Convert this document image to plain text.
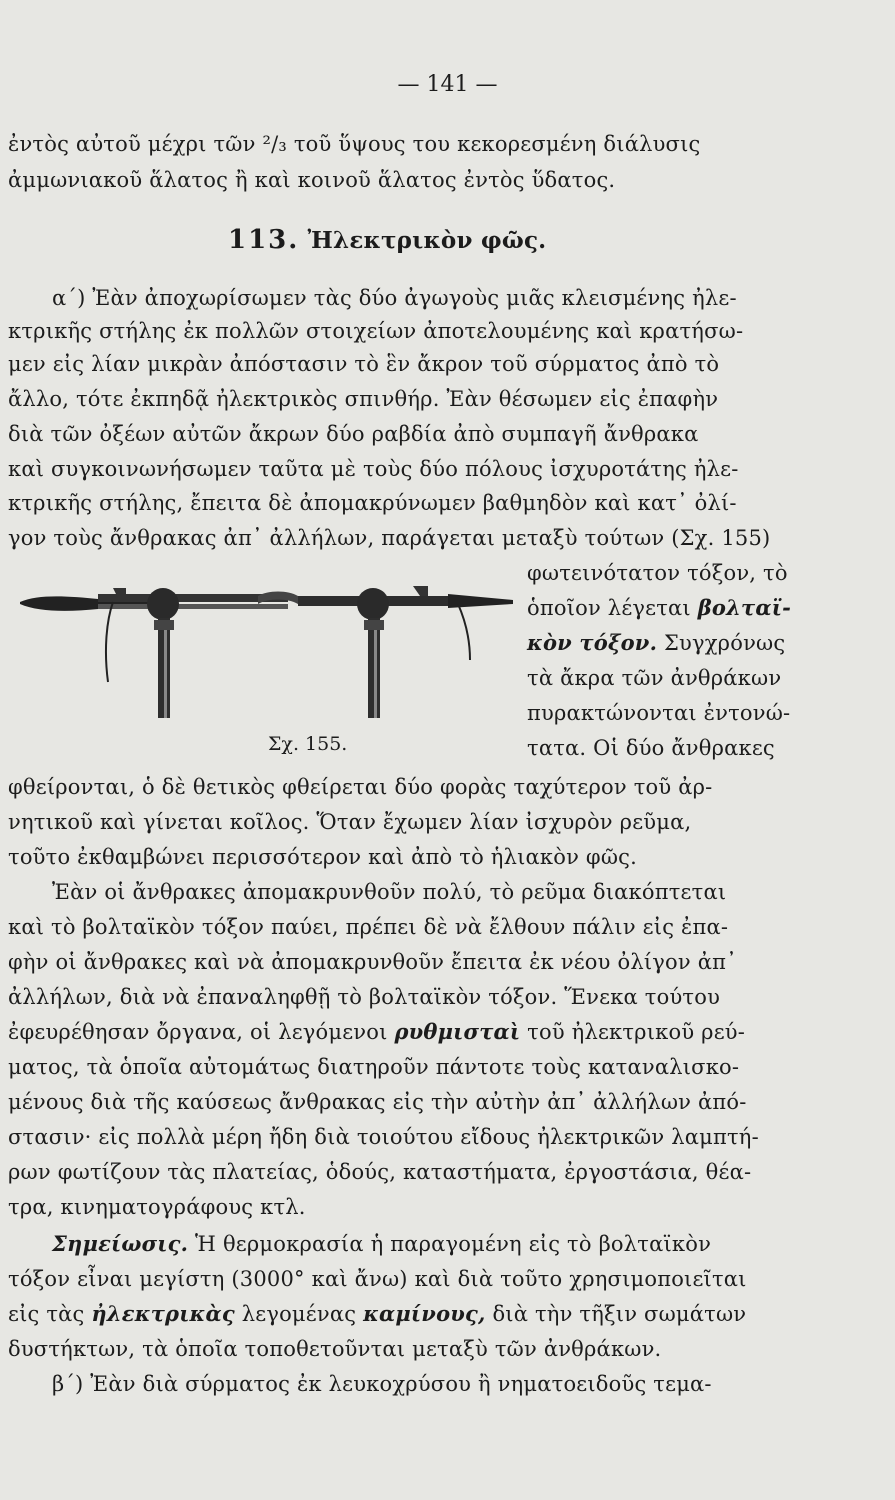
— 141 —
ἐντὸς αὐτοῦ μέχρι τῶν ²/₃ τοῦ ὕψους του κεκορεσμένη διάλυσις
ἀμμωνιακοῦ ἅλατος ἢ καὶ κοινοῦ ἅλατος ἐντὸς ὕδατος.
113. Ἠλεκτρικὸν φῶς.
α΄) Ἐὰν ἀποχωρίσωμεν τὰς δύο ἀγωγοὺς μιᾶς κλεισμένης ἠλε-
κτρικῆς στήλης ἐκ πολλῶν στοιχείων ἀποτελουμένης καὶ κρατήσω-
μεν εἰς λίαν μικρὰν ἀπόστασιν τὸ ἓν ἄκρον τοῦ σύρματος ἀπὸ τὸ
ἄλλο, τότε ἐκπηδᾷ ἠλεκτρικὸς σπινθήρ. Ἐὰν θέσωμεν εἰς ἐπαφὴν
διὰ τῶν ὀξέων αὐτῶν ἄκρων δύο ραβδία ἀπὸ συμπαγῆ ἄνθρακα
καὶ συγκοινωνήσωμεν ταῦτα μὲ τοὺς δύο πόλους ἰσχυροτάτης ἠλε-
κτρικῆς στήλης, ἔπειτα δὲ ἀπομακρύνωμεν βαθμηδὸν καὶ κατ᾽ ὀλί-
γον τοὺς ἄνθρακας ἀπ᾽ ἀλλήλων, παράγεται μεταξὺ τούτων (Σχ. 155)
φωτεινότατον τόξον, τὸ
ὁποῖον λέγεται βολταϊ-
κὸν τόξον. Συγχρόνως
τὰ ἄκρα τῶν ἀνθράκων
πυρακτώνονται ἐντονώ-
τατα. Οἱ δύο ἄνθρακες
Σχ. 155.
φθείρονται, ὁ δὲ θετικὸς φθείρεται δύο φορὰς ταχύτερον τοῦ ἀρ-
νητικοῦ καὶ γίνεται κοῖλος. Ὅταν ἔχωμεν λίαν ἰσχυρὸν ρεῦμα,
τοῦτο ἐκθαμβώνει περισσότερον καὶ ἀπὸ τὸ ἡλιακὸν φῶς.
Ἐὰν οἱ ἄνθρακες ἀπομακρυνθοῦν πολύ, τὸ ρεῦμα διακόπτεται
καὶ τὸ βολταϊκὸν τόξον παύει, πρέπει δὲ νὰ ἔλθουν πάλιν εἰς ἐπα-
φὴν οἱ ἄνθρακες καὶ νὰ ἀπομακρυνθοῦν ἔπειτα ἐκ νέου ὀλίγον ἀπ᾽
ἀλλήλων, διὰ νὰ ἐπαναληφθῇ τὸ βολταϊκὸν τόξον. Ἕνεκα τούτου
ἐφευρέθησαν ὄργανα, οἱ λεγόμενοι ρυθμισταὶ τοῦ ἠλεκτρικοῦ ρεύ-
ματος, τὰ ὁποῖα αὐτομάτως διατηροῦν πάντοτε τοὺς καταναλισκο-
μένους διὰ τῆς καύσεως ἄνθρακας εἰς τὴν αὐτὴν ἀπ᾽ ἀλλήλων ἀπό-
στασιν· εἰς πολλὰ μέρη ἤδη διὰ τοιούτου εἴδους ἠλεκτρικῶν λαμπτή-
ρων φωτίζουν τὰς πλατείας, ὁδούς, καταστήματα, ἐργοστάσια, θέα-
τρα, κινηματογράφους κτλ.
Σημείωσις. Ἡ θερμοκρασία ἡ παραγομένη εἰς τὸ βολταϊκὸν
τόξον εἶναι μεγίστη (3000° καὶ ἄνω) καὶ διὰ τοῦτο χρησιμοποιεῖται
εἰς τὰς ἠλεκτρικὰς λεγομένας καμίνους, διὰ τὴν τῆξιν σωμάτων
δυστήκτων, τὰ ὁποῖα τοποθετοῦνται μεταξὺ τῶν ἀνθράκων.
β΄) Ἐὰν διὰ σύρματος ἐκ λευκοχρύσου ἢ νηματοειδοῦς τεμα-
